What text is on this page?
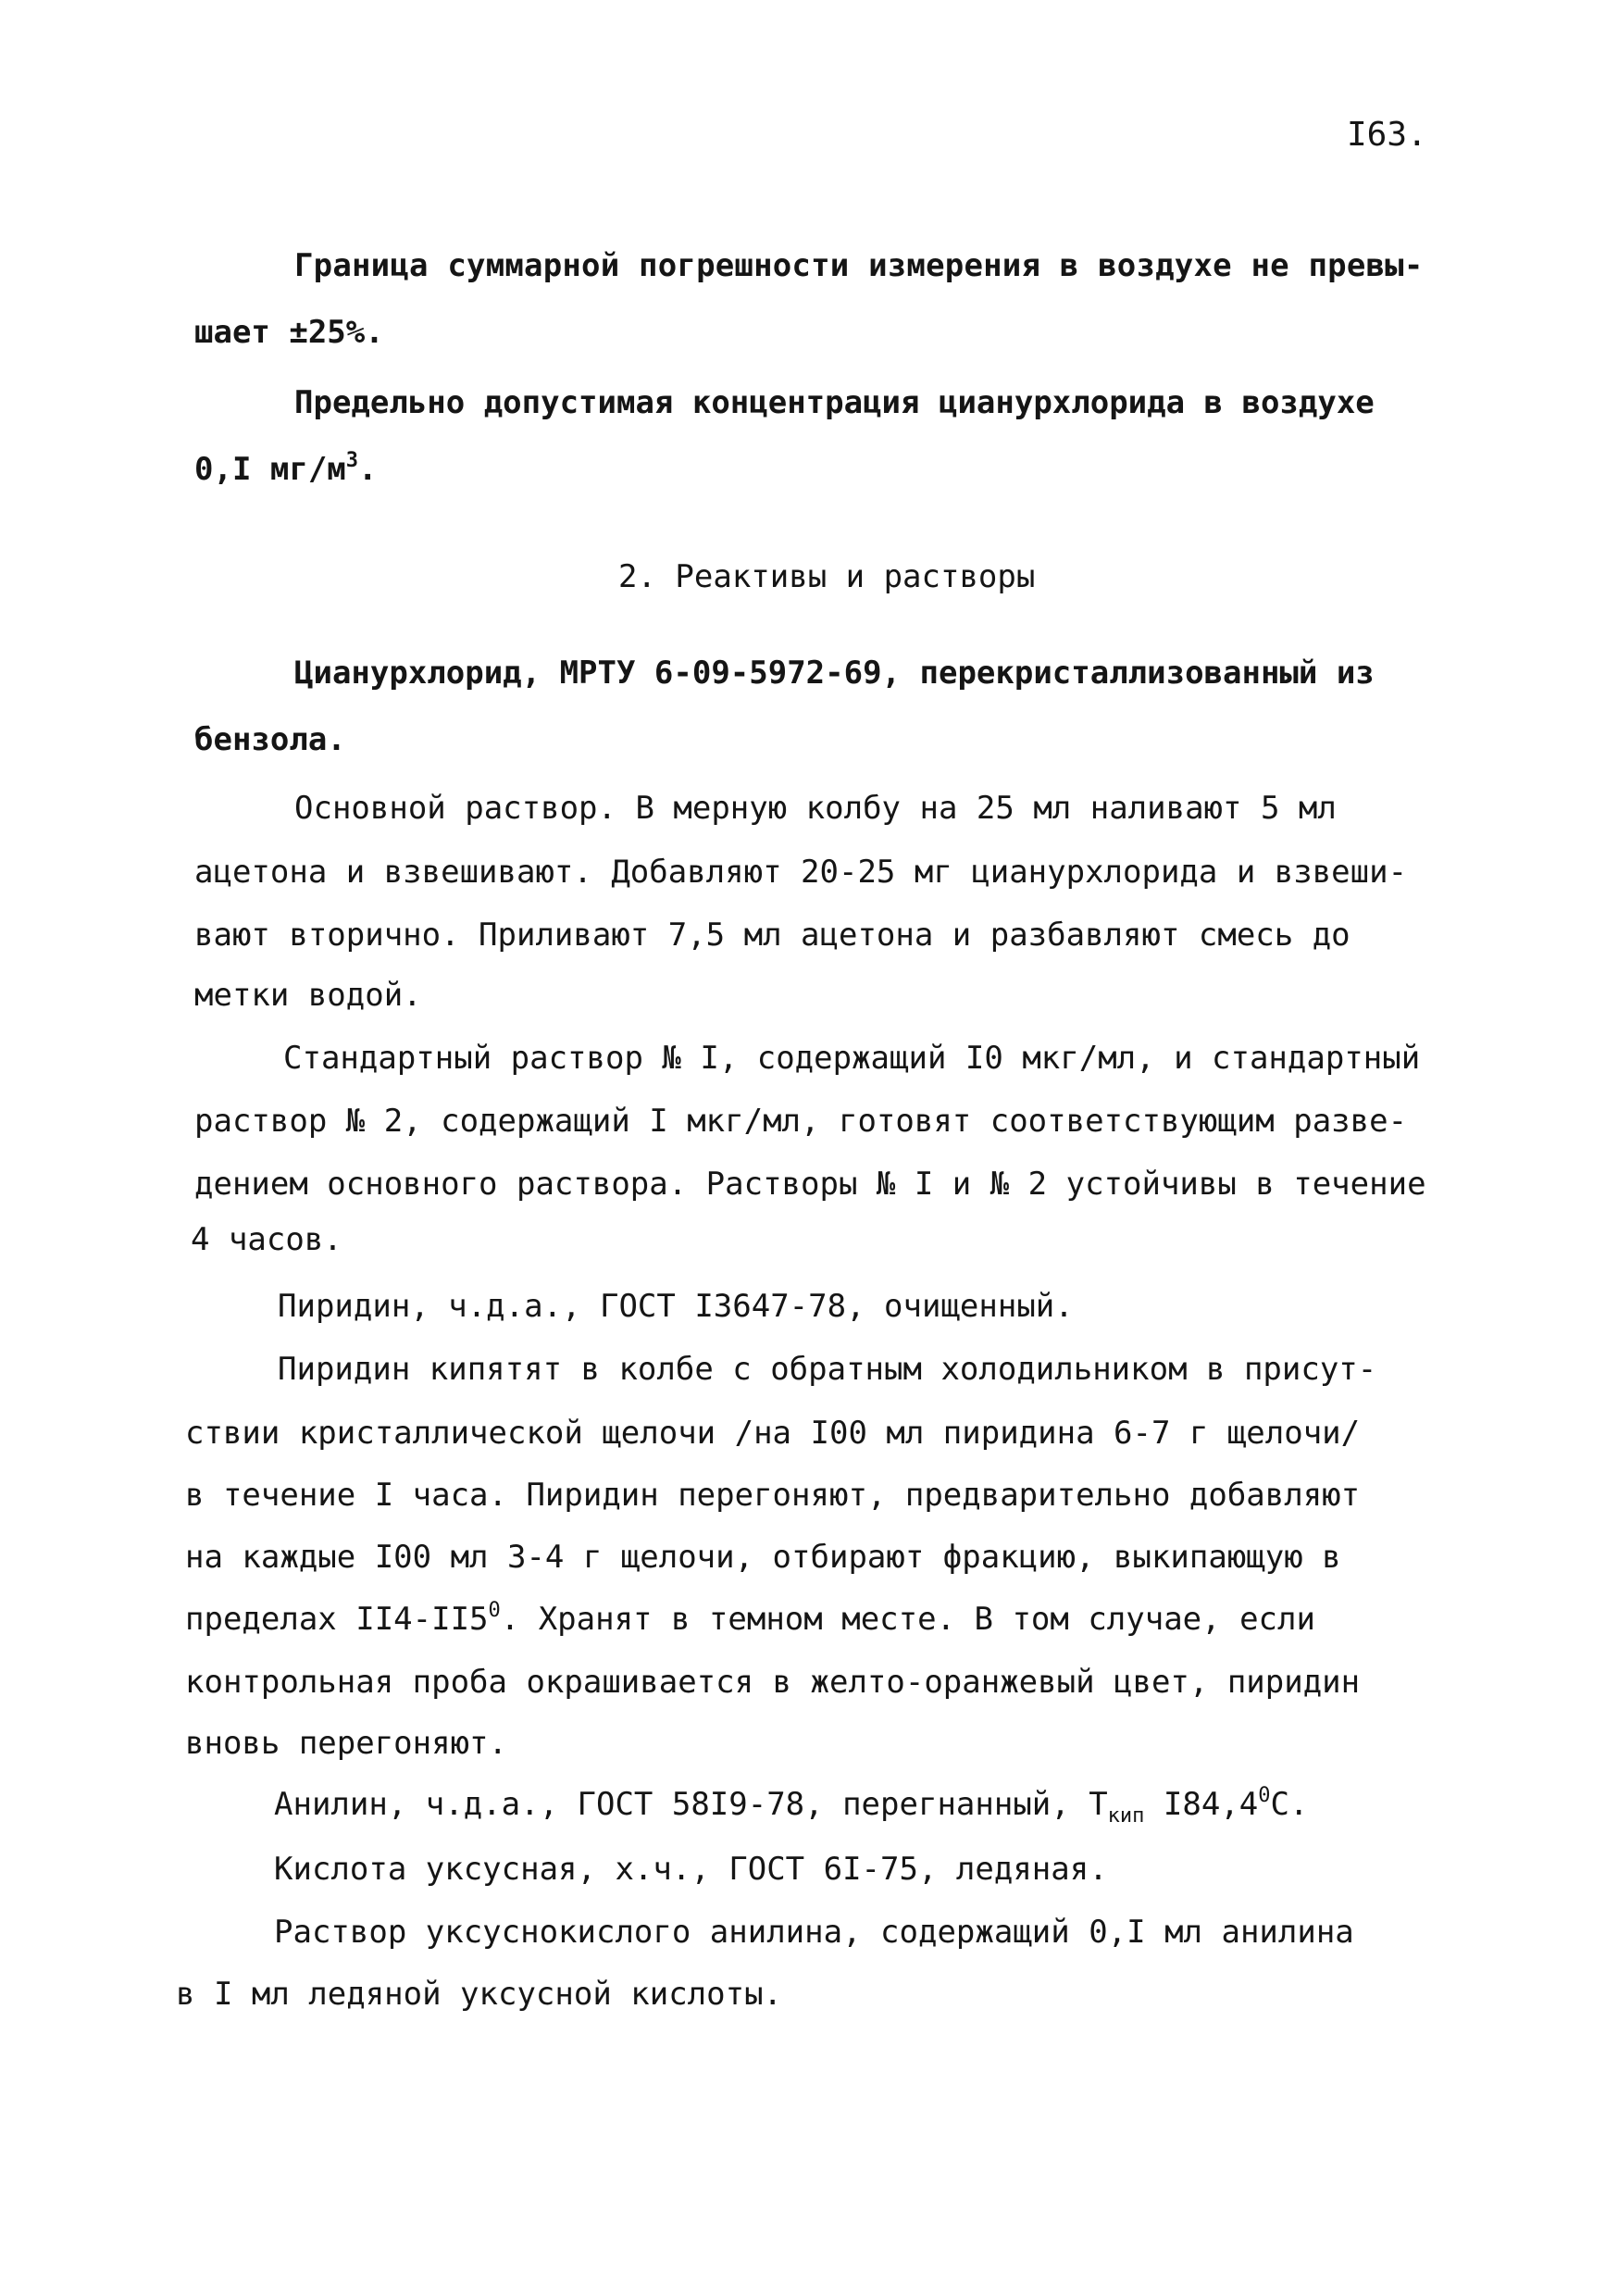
I63.
Граница суммарной погрешности измерения в воздухе не превы-
шает ±25%.
Предельно допустимая концентрация цианурхлорида в воздухе
0,I $мг/м^3$.
2. Реактивы и растворы
Цианурхлорид, МРТУ 6-09-5972-69, перекристаллизованный из
бензола.
Основной раствор. В мерную колбу на 25 мл наливают 5 мл
ацетона и взвешивают. Добавляют 20-25 мг цианурхлорида и взвеши-
вают вторично. Приливают 7,5 мл ацетона и разбавляют смесь до
метки водой.
Стандартный раствор № I, содержащий I0 мкг/мл, и стандартный
раствор № 2, содержащий I мкг/мл, готовят соответствующим разве-
дением основного раствора. Растворы № I и № 2 устойчивы в течение
4 часов.
Пиридин, ч.д.а., ГОСТ I3647-78, очищенный.
Пиридин кипятят в колбе с обратным холодильником в присут-
ствии кристаллической щелочи /на I00 мл пиридина 6-7 г щелочи/
в течение I часа. Пиридин перегоняют, предварительно добавляют
на каждые I00 мл 3-4 г щелочи, отбирают фракцию, выкипающую в
пределах $II4-II5^0$. Хранят в темном месте. В том случае, если
контрольная проба окрашивается в желто-оранжевый цвет, пиридин
вновь перегоняют.
Анилин, ч.д.а., ГОСТ 58I9-78, перегнанный, $Т_{кип}$ I84,4$^0$С.
Кислота уксусная, х.ч., ГОСТ 6I-75, ледяная.
Раствор уксуснокислого анилина, содержащий 0,I мл анилина
в I мл ледяной уксусной кислоты.
